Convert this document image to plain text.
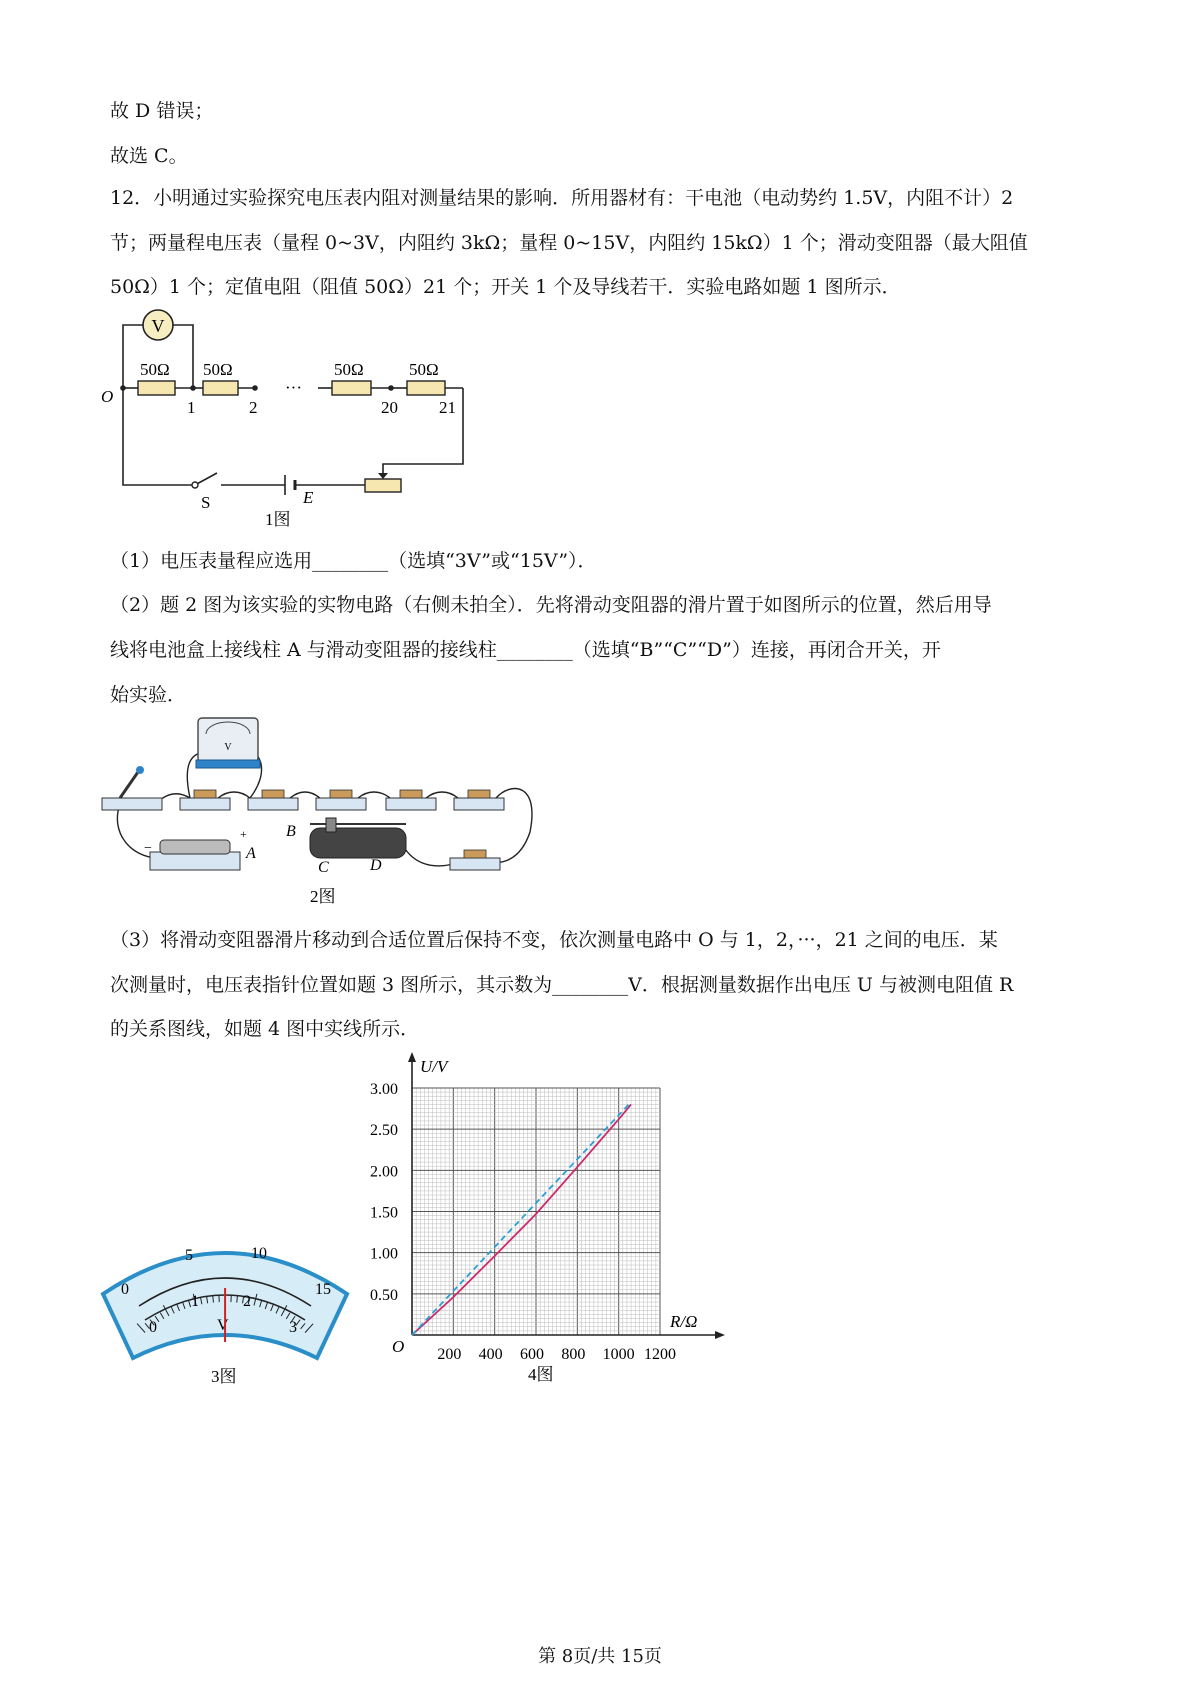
故 D 错误；
故选 C。
12．小明通过实验探究电压表内阻对测量结果的影响．所用器材有：干电池（电动势约 1.5V，内阻不计）2
节；两量程电压表（量程 0~3V，内阻约 3kΩ；量程 0~15V，内阻约 15kΩ）1 个；滑动变阻器（最大阻值
50Ω）1 个；定值电阻（阻值 50Ω）21 个；开关 1 个及导线若干．实验电路如题 1 图所示．
（1）电压表量程应选用________（选填“3V”或“15V”）．
（2）题 2 图为该实验的实物电路（右侧未拍全）．先将滑动变阻器的滑片置于如图所示的位置，然后用导
线将电池盒上接线柱 A 与滑动变阻器的接线柱________（选填“B”“C”“D”）连接，再闭合开关，开
始实验．
（3）将滑动变阻器滑片移动到合适位置后保持不变，依次测量电路中 O 与 1，2，···，21 之间的电压．某
次测量时，电压表指针位置如题 3 图所示，其示数为________V．根据测量数据作出电压 U 与被测电阻值 R
的关系图线，如题 4 图中实线所示．
V
50Ω 50Ω	50Ω	50Ω
O
1	2
···
20 21
S	E
1图
V
−
+
A
B
C	D
2图
0
5	10
15
0
1	2
3
V
3图
200 400 600 800 1000 1200
0.50
1.00
1.50
2.00
2.50
3.00
U/V
R/Ω
O
4图
第 8页/共 15页
